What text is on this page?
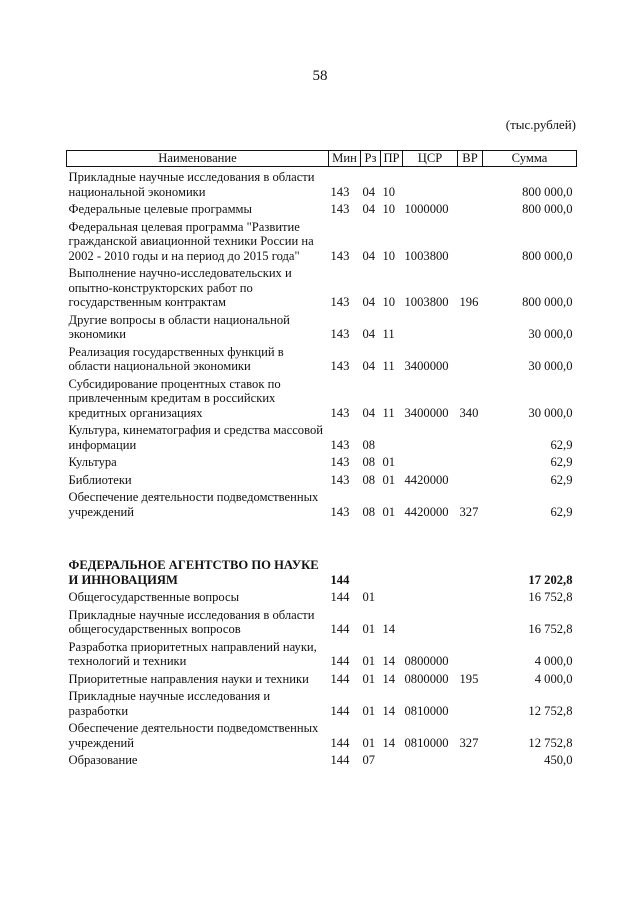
58
(тыс.рублей)
Наименование	Мин	Рз	ПР	ЦСР	ВР	Сумма
Прикладные научные исследования в области национальной экономики	143	04	10			800 000,0
Федеральные целевые программы	143	04	10	1000000		800 000,0
Федеральная целевая программа "Развитие гражданской авиационной техники России на 2002 - 2010 годы и на период до 2015 года"	143	04	10	1003800		800 000,0
Выполнение научно-исследовательских и опытно-конструкторских работ по государственным контрактам	143	04	10	1003800	196	800 000,0
Другие вопросы в области национальной экономики	143	04	11			30 000,0
Реализация государственных функций в области национальной экономики	143	04	11	3400000		30 000,0
Субсидирование процентных ставок по привлеченным кредитам в российских кредитных организациях	143	04	11	3400000	340	30 000,0
Культура, кинематография и средства массовой информации	143	08				62,9
Культура	143	08	01			62,9
Библиотеки	143	08	01	4420000		62,9
Обеспечение деятельности подведомственных учреждений	143	08	01	4420000	327	62,9

ФЕДЕРАЛЬНОЕ АГЕНТСТВО ПО НАУКЕ И ИННОВАЦИЯМ	144					17 202,8
Общегосударственные вопросы	144	01				16 752,8
Прикладные научные исследования в области общегосударственных вопросов	144	01	14			16 752,8
Разработка приоритетных направлений науки, технологий и техники	144	01	14	0800000		4 000,0
Приоритетные направления науки и техники	144	01	14	0800000	195	4 000,0
Прикладные научные исследования и разработки	144	01	14	0810000		12 752,8
Обеспечение деятельности подведомственных учреждений	144	01	14	0810000	327	12 752,8
Образование	144	07				450,0
